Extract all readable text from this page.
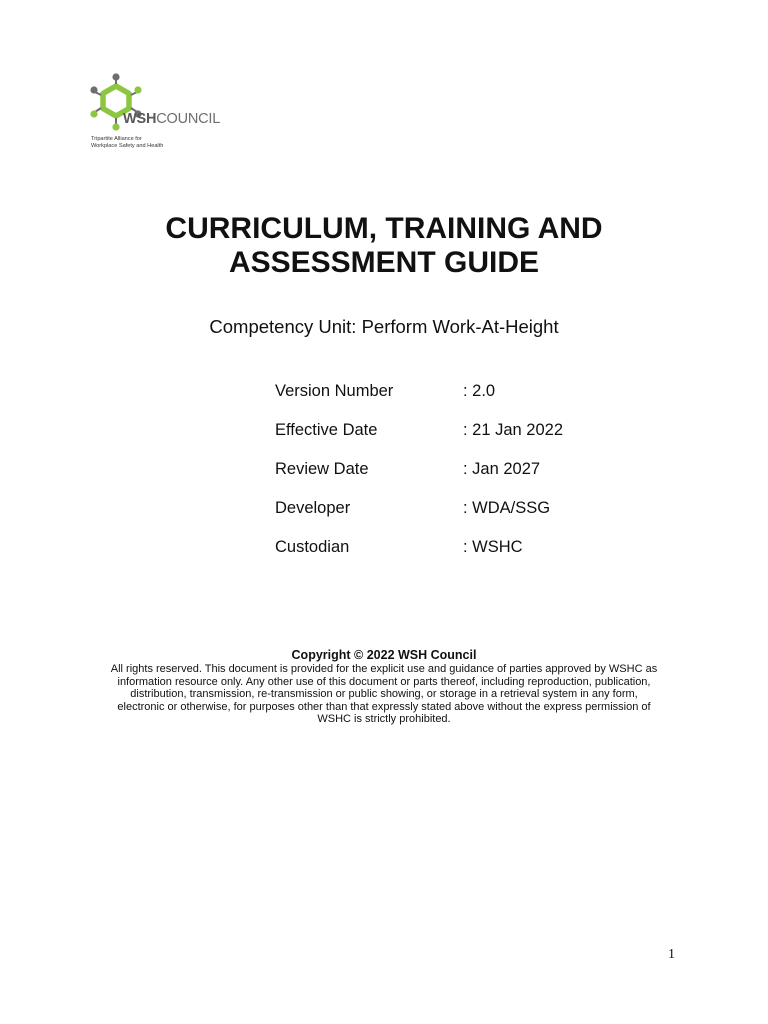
WSHCOUNCIL
Tripartite Alliance for
Workplace Safety and Health
CURRICULUM, TRAINING AND
ASSESSMENT GUIDE
Competency Unit: Perform Work-At-Height
Version Number	: 2.0
Effective Date	: 21 Jan 2022
Review Date	: Jan 2027
Developer	: WDA/SSG
Custodian	: WSHC
Copyright © 2022 WSH Council
All rights reserved. This document is provided for the explicit use and guidance of parties approved by WSHC as
information resource only. Any other use of this document or parts thereof, including reproduction, publication,
distribution, transmission, re-transmission or public showing, or storage in a retrieval system in any form,
electronic or otherwise, for purposes other than that expressly stated above without the express permission of
WSHC is strictly prohibited.
1
